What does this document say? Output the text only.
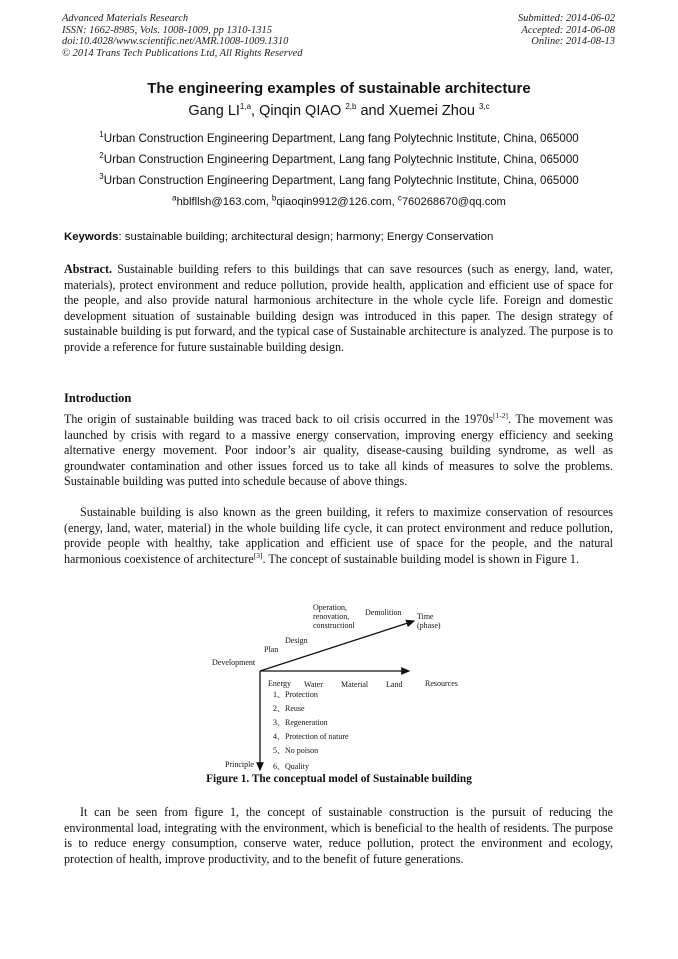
Advanced Materials Research
ISSN: 1662-8985, Vols. 1008-1009, pp 1310-1315
doi:10.4028/www.scientific.net/AMR.1008-1009.1310
© 2014 Trans Tech Publications Ltd, All Rights Reserved
Submitted: 2014-06-02
Accepted: 2014-06-08
Online: 2014-08-13
The engineering examples of sustainable architecture
Gang LI$^{1,a}$, Qinqin QIAO $^{2,b}$ and Xuemei Zhou $^{3,c}$
$^1$Urban Construction Engineering Department, Lang fang Polytechnic Institute, China, 065000
$^2$Urban Construction Engineering Department, Lang fang Polytechnic Institute, China, 065000
$^3$Urban Construction Engineering Department, Lang fang Polytechnic Institute, China, 065000
$^a$hblfllsh@163.com, $^b$qiaoqin9912@126.com, $^c$760268670@qq.com
Keywords: sustainable building; architectural design; harmony; Energy Conservation
Abstract. Sustainable building refers to this buildings that can save resources (such as energy, land, water, materials), protect environment and reduce pollution, provide health, application and efficient use of space for the people, and also provide natural harmonious architecture in the whole cycle life. Foreign and domestic development situation of sustainable building design was introduced in this paper. The design strategy of sustainable building is put forward, and the typical case of Sustainable architecture is analyzed. The purpose is to provide a reference for future sustainable building design.
Introduction
The origin of sustainable building was traced back to oil crisis occurred in the 1970s[1-2]. The movement was launched by crisis with regard to a massive energy conservation, improving energy efficiency and seeking alternative energy movement. Poor indoor’s air quality, disease-causing building syndrome, as well as groundwater contamination and other issues forced us to take all kinds of measures to solve the problems. Sustainable building was putted into schedule because of above things.
Sustainable building is also known as the green building, it refers to maximize conservation of resources (energy, land, water, material) in the whole building life cycle, it can protect environment and reduce pollution, provide people with healthy, take application and efficient use of space for the people, and the natural harmonious coexistence of architecture[3]. The concept of sustainable building model is shown in Figure 1.
Operation,
renovation,
constructionl
Demolition Time
(phase)
Design
Plan
Development
Energy Water Material Land	Resources
1、Protection
2、Reuse
3、Regeneration
4、Protection of nature
5、No poison
Principle 6、Quality
Figure 1. The conceptual model of Sustainable building
It can be seen from figure 1, the concept of sustainable construction is the pursuit of reducing the environmental load, integrating with the environment, which is beneficial to the health of residents. The purpose is to reduce energy consumption, conserve water, reduce pollution, protect the environment and ecology, protection of health, improve productivity, and to the benefit of future generations.
